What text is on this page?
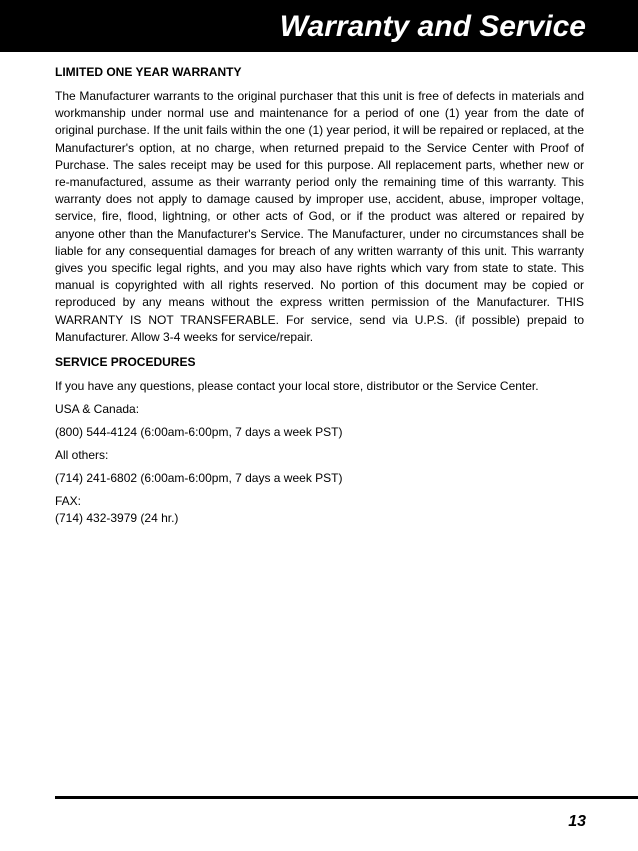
Warranty and Service
LIMITED ONE YEAR WARRANTY
The Manufacturer warrants to the original purchaser that this unit is free of defects in materials and workmanship under normal use and maintenance for a period of one (1) year from the date of original purchase. If the unit fails within the one (1) year period, it will be repaired or replaced, at the Manufacturer's option, at no charge, when returned prepaid to the Service Center with Proof of Purchase. The sales receipt may be used for this purpose. All replacement parts, whether new or re-manufactured, assume as their warranty period only the remaining time of this warranty. This warranty does not apply to damage caused by improper use, accident, abuse, improper voltage, service, fire, flood, lightning, or other acts of God, or if the product was altered or repaired by anyone other than the Manufacturer's Service. The Manufacturer, under no circumstances shall be liable for any consequential damages for breach of any written warranty of this unit. This warranty gives you specific legal rights, and you may also have rights which vary from state to state. This manual is copyrighted with all rights reserved. No portion of this document may be copied or reproduced by any means without the express written permission of the Manufacturer. THIS WARRANTY IS NOT TRANSFERABLE. For service, send via U.P.S. (if possible) prepaid to Manufacturer. Allow 3-4 weeks for service/repair.
SERVICE PROCEDURES
If you have any questions, please contact your local store, distributor or the Service Center.
USA & Canada:
(800) 544-4124 (6:00am-6:00pm, 7 days a week PST)
All others:
(714) 241-6802 (6:00am-6:00pm, 7 days a week PST)
FAX:
(714) 432-3979 (24 hr.)
13
